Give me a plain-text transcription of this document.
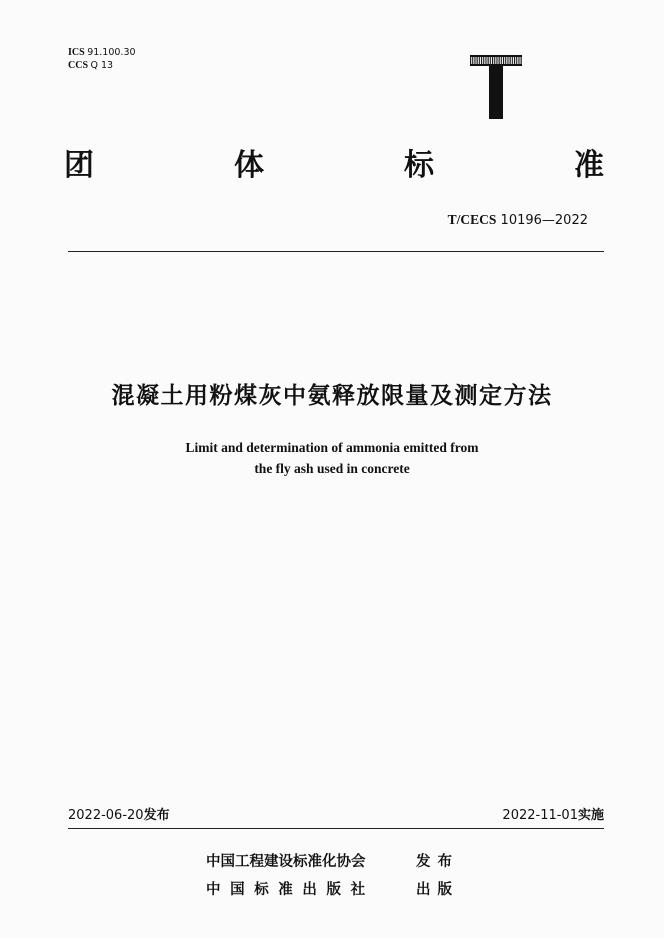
ICS 91.100.30
CCS Q 13
团	体	标	准
T/CECS 10196—2022
混凝土用粉煤灰中氨释放限量及测定方法
Limit and determination of ammonia emitted from
the fly ash used in concrete
2022-06-20发布	2022-11-01实施
中国工程建设标准化协会	发布
中国标准出版社	出版
